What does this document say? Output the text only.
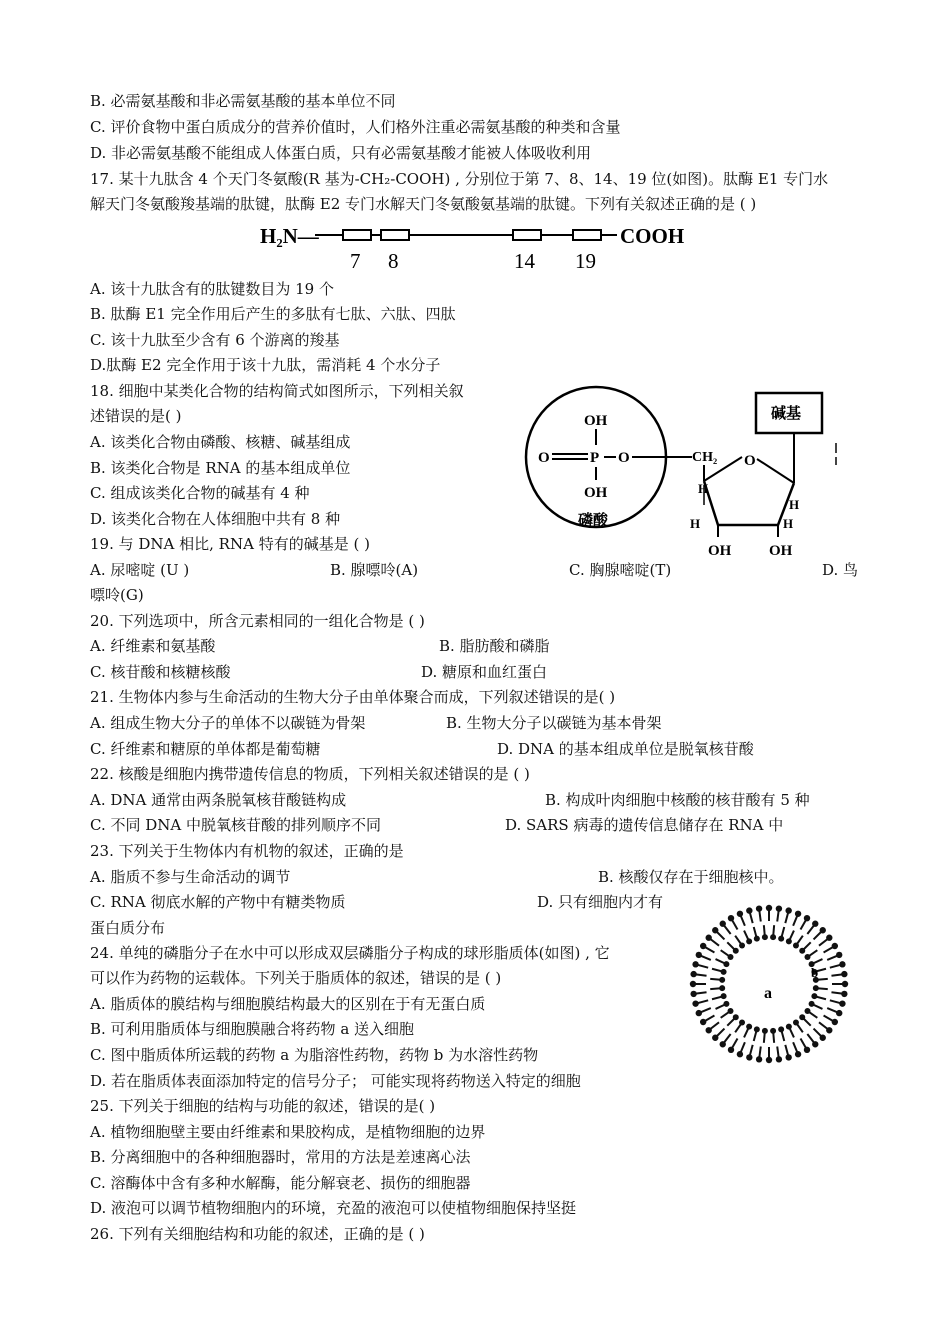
B. 必需氨基酸和非必需氨基酸的基本单位不同
C. 评价食物中蛋白质成分的营养价值时，人们格外注重必需氨基酸的种类和含量
D. 非必需氨基酸不能组成人体蛋白质，只有必需氨基酸才能被人体吸收利用
17. 某十九肽含 4 个天门冬氨酸(R 基为-CH₂-COOH) , 分别位于第 7、8、14、19 位(如图)。肽酶 E1 专门水
解天门冬氨酸羧基端的肽键，肽酶 E2 专门水解天门冬氨酸氨基端的肽键。下列有关叙述正确的是 ( )
H₂N—	COOH
7 8	14 19
A. 该十九肽含有的肽键数目为 19 个
B. 肽酶 E1 完全作用后产生的多肽有七肽、六肽、四肽
C. 该十九肽至少含有 6 个游离的羧基
D.肽酶 E2 完全作用于该十九肽，需消耗 4 个水分子
18. 细胞中某类化合物的结构简式如图所示，下列相关叙
述错误的是( )
A. 该类化合物由磷酸、核糖、碱基组成
B. 该类化合物是 RNA 的基本组成单位
C. 组成该类化合物的碱基有 4 种
D. 该类化合物在人体细胞中共有 8 种
OH
O	P O
OH
磷酸
CH₂ O
碱基
H
H	H
H
OH	OH
19. 与 DNA 相比, RNA 特有的碱基是 ( )
A. 尿嘧啶 (U )	B. 腺嘌呤(A)	C. 胸腺嘧啶(T)	D. 鸟
嘌呤(G)
20. 下列选项中，所含元素相同的一组化合物是 ( )
A. 纤维素和氨基酸	B. 脂肪酸和磷脂
C. 核苷酸和核糖核酸	D. 糖原和血红蛋白
21. 生物体内参与生命活动的生物大分子由单体聚合而成，下列叙述错误的是( )
A. 组成生物大分子的单体不以碳链为骨架	B. 生物大分子以碳链为基本骨架
C. 纤维素和糖原的单体都是葡萄糖	D. DNA 的基本组成单位是脱氧核苷酸
22. 核酸是细胞内携带遗传信息的物质，下列相关叙述错误的是 ( )
A. DNA 通常由两条脱氧核苷酸链构成	B. 构成叶肉细胞中核酸的核苷酸有 5 种
C. 不同 DNA 中脱氧核苷酸的排列顺序不同	D. SARS 病毒的遗传信息储存在 RNA 中
23. 下列关于生物体内有机物的叙述，正确的是
A. 脂质不参与生命活动的调节	B. 核酸仅存在于细胞核中。
C. RNA 彻底水解的产物中有糖类物质	D. 只有细胞内才有
蛋白质分布
a
b
24. 单纯的磷脂分子在水中可以形成双层磷脂分子构成的球形脂质体(如图) , 它
可以作为药物的运载体。下列关于脂质体的叙述，错误的是 ( )
A. 脂质体的膜结构与细胞膜结构最大的区别在于有无蛋白质
B. 可利用脂质体与细胞膜融合将药物 a 送入细胞
C. 图中脂质体所运载的药物 a 为脂溶性药物，药物 b 为水溶性药物
D. 若在脂质体表面添加特定的信号分子； 可能实现将药物送入特定的细胞
25. 下列关于细胞的结构与功能的叙述，错误的是( )
A. 植物细胞壁主要由纤维素和果胶构成，是植物细胞的边界
B. 分离细胞中的各种细胞器时，常用的方法是差速离心法
C. 溶酶体中含有多种水解酶，能分解衰老、损伤的细胞器
D. 液泡可以调节植物细胞内的环境，充盈的液泡可以使植物细胞保持坚挺
26. 下列有关细胞结构和功能的叙述，正确的是 ( )
